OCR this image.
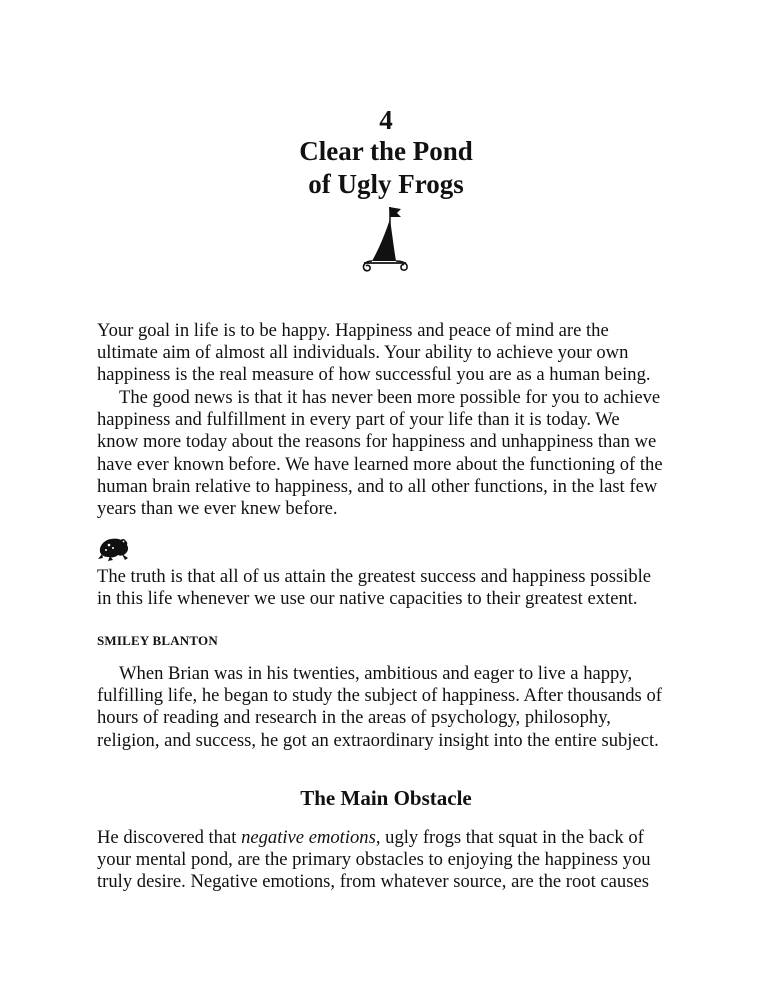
4
Clear the Pond
of Ugly Frogs

Your goal in life is to be happy. Happiness and peace of mind are the

ultimate aim of almost all individuals. Your ability to achieve your own

happiness is the real measure of how successful you are as a human being.

The good news is that it has never been more possible for you to achieve

happiness and fulfillment in every part of your life than it is today. We

know more today about the reasons for happiness and unhappiness than we

have ever known before. We have learned more about the functioning of the

human brain relative to happiness, and to all other functions, in the last few

years than we ever knew before.

The truth is that all of us attain the greatest success and happiness possible

in this life whenever we use our native capacities to their greatest extent.

SMILEY BLANTON

When Brian was in his twenties, ambitious and eager to live a happy,

fulfilling life, he began to study the subject of happiness. After thousands of

hours of reading and research in the areas of psychology, philosophy,

religion, and success, he got an extraordinary insight into the entire subject.

The Main Obstacle

He discovered that negative emotions, ugly frogs that squat in the back of

your mental pond, are the primary obstacles to enjoying the happiness you

truly desire. Negative emotions, from whatever source, are the root causes
